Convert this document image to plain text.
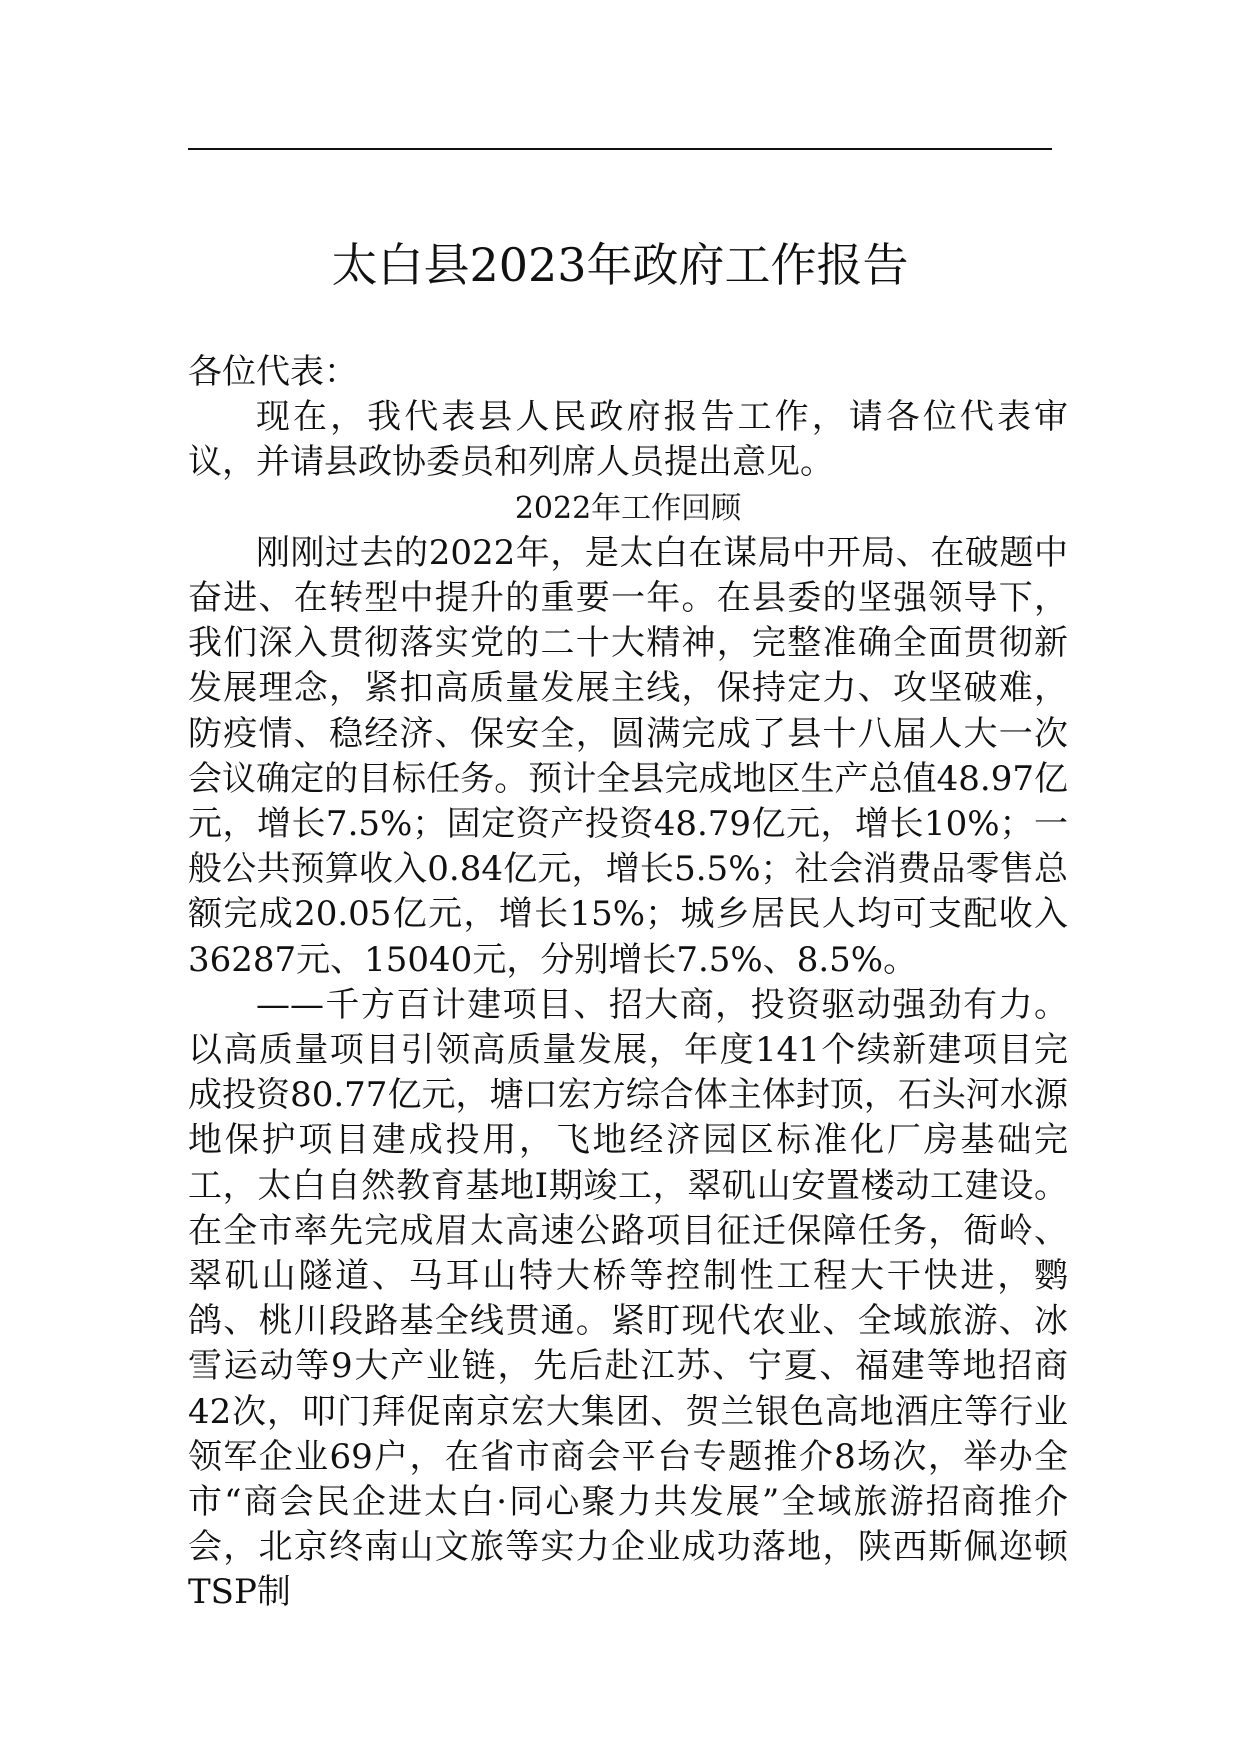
太白县2023年政府工作报告

各位代表：

现在，我代表县人民政府报告工作，请各位代表审议，并请县政协委员和列席人员提出意见。

2022年工作回顾

刚刚过去的2022年，是太白在谋局中开局、在破题中奋进、在转型中提升的重要一年。在县委的坚强领导下，我们深入贯彻落实党的二十大精神，完整准确全面贯彻新发展理念，紧扣高质量发展主线，保持定力、攻坚破难，防疫情、稳经济、保安全，圆满完成了县十八届人大一次会议确定的目标任务。预计全县完成地区生产总值48.97亿元，增长7.5%；固定资产投资48.79亿元，增长10%；一般公共预算收入0.84亿元，增长5.5%；社会消费品零售总额完成20.05亿元，增长15%；城乡居民人均可支配收入36287元、15040元，分别增长7.5%、8.5%。

——千方百计建项目、招大商，投资驱动强劲有力。以高质量项目引领高质量发展，年度141个续新建项目完成投资80.77亿元，塘口宏方综合体主体封顶，石头河水源地保护项目建成投用，飞地经济园区标准化厂房基础完工，太白自然教育基地Ⅰ期竣工，翠矶山安置楼动工建设。在全市率先完成眉太高速公路项目征迁保障任务，衙岭、翠矶山隧道、马耳山特大桥等控制性工程大干快进，鹦鸽、桃川段路基全线贯通。紧盯现代农业、全域旅游、冰雪运动等9大产业链，先后赴江苏、宁夏、福建等地招商42次，叩门拜促南京宏大集团、贺兰银色高地酒庄等行业领军企业69户，在省市商会平台专题推介8场次，举办全市“商会民企进太白·同心聚力共发展”全域旅游招商推介会，北京终南山文旅等实力企业成功落地，陕西斯佩迩顿TSP制
